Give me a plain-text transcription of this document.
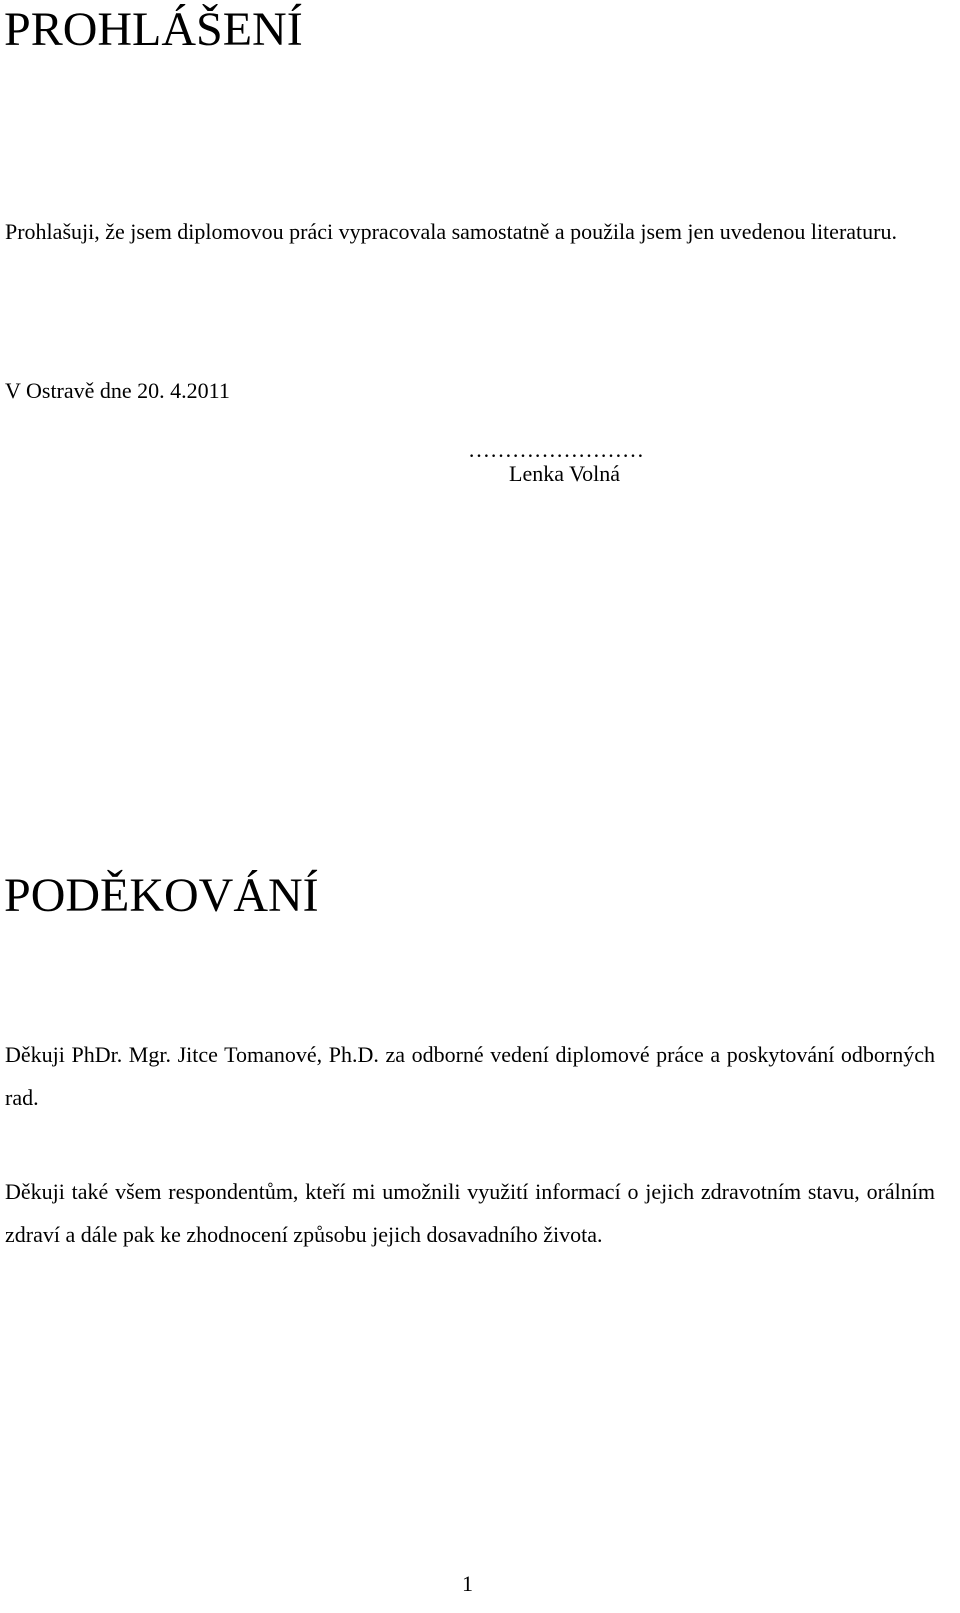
PROHLÁŠENÍ

Prohlašuji, že jsem diplomovou práci vypracovala samostatně a použila jsem jen uvedenou literaturu.

V Ostravě dne 20. 4.2011

……………………
Lenka Volná
PODĚKOVÁNÍ

Děkuji PhDr. Mgr. Jitce Tomanové, Ph.D. za odborné vedení diplomové práce a poskytování odborných rad.

Děkuji také všem respondentům, kteří mi umožnili využití informací o jejich zdravotním stavu, orálním zdraví a dále pak ke zhodnocení způsobu jejich dosavadního života.

1
